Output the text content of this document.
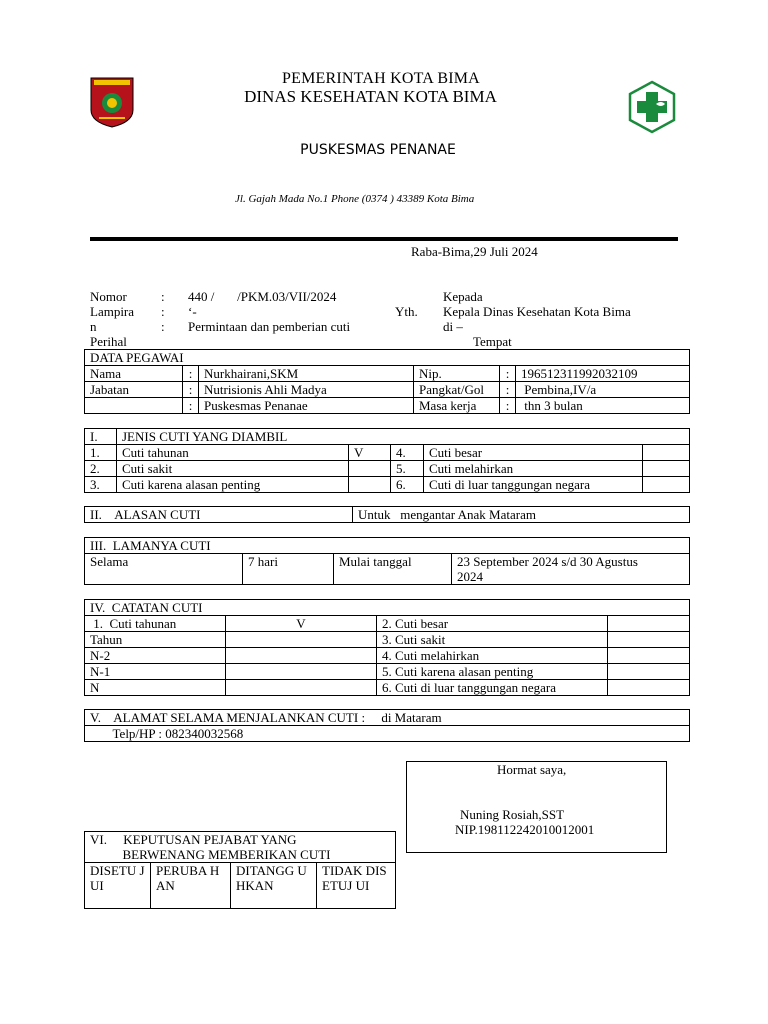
PEMERINTAH KOTA BIMA
DINAS KESEHATAN KOTA BIMA
PUSKESMAS PENANAE
Jl. Gajah Mada No.1 Phone (0374 ) 43389 Kota Bima
Raba-Bima,29 Juli 2024
Nomor	: 440 /       /PKM.03/VII/2024	Kepada
Lampira : ‘-	Yth. Kepala Dinas Kesehatan Kota Bima
n	: Permintaan dan pemberian cuti	di –
Perihal	Tempat
DATA PEGAWAI					
Nama	:	Nurkhairani,SKM	Nip.	:	196512311992032109
Jabatan	:	Nutrisionis Ahli Madya	Pangkat/Gol	:	Pembina,IV/a
	:	Puskesmas Penanae	Masa kerja	:	thn 3 bulan
I.	JENIS CUTI YANG DIAMBIL				
1.	Cuti tahunan	V	4.	Cuti besar	
2.	Cuti sakit		5.	Cuti melahirkan	
3.	Cuti karena alasan penting		6.	Cuti di luar tanggungan negara	
II.    ALASAN CUTI	Untuk   mengantar Anak Mataram
III.  LAMANYA CUTI
Selama	7 hari	Mulai tanggal	23 September 2024 s/d 30 Agustus
2024
IV.  CATATAN CUTI			
1.  Cuti tahunan	V	2. Cuti besar	
Tahun		3. Cuti sakit	
N-2		4. Cuti melahirkan	
N-1		5. Cuti karena alasan penting	
N		6. Cuti di luar tanggungan negara	
V.    ALAMAT SELAMA MENJALANKAN CUTI :     di Mataram
Telp/HP : 082340032568
Hormat saya,
Nuning Rosiah,SST
NIP.198112242010012001
VI.     KEPUTUSAN PEJABAT YANG
BERWENANG MEMBERIKAN CUTI

DISETU JUI	PERUBA HAN	DITANGG UHKAN	TIDAK DISETUJ UI
